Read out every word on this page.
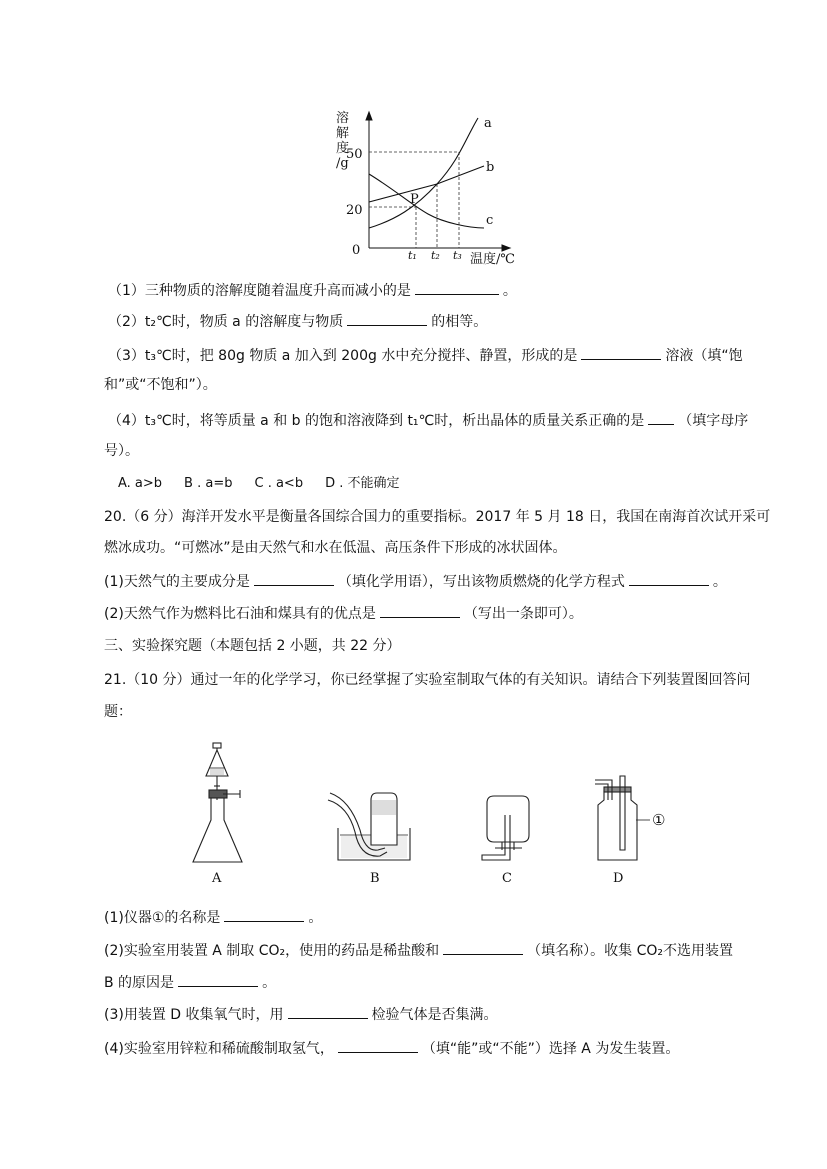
溶
解
度
/g
50
20
0	t₁ t₂ t₃ 温度/℃
a
b
c
P
（1）三种物质的溶解度随着温度升高而减小的是	。
（2）t₂℃时，物质 a 的溶解度与物质	的相等。
（3）t₃℃时，把 80g 物质 a 加入到 200g 水中充分搅拌、静置，形成的是	溶液（填“饱
和”或“不饱和”）。
（4）t₃℃时，将等质量 a 和 b 的饱和溶液降到 t₁℃时，析出晶体的质量关系正确的是 （填字母序
号）。
A. a>b B . a=b C . a<b D . 不能确定
20.（6 分）海洋开发水平是衡量各国综合国力的重要指标。2017 年 5 月 18 日，我国在南海首次试开采可
燃冰成功。“可燃冰”是由天然气和水在低温、高压条件下形成的冰状固体。
(1)天然气的主要成分是	（填化学用语），写出该物质燃烧的化学方程式	。
(2)天然气作为燃料比石油和煤具有的优点是	（写出一条即可）。
三、实验探究题（本题包括 2 小题，共 22 分）
21.（10 分）通过一年的化学学习，你已经掌握了实验室制取气体的有关知识。请结合下列装置图回答问
题：
A	B	C	D
①
(1)仪器①的名称是	。
(2)实验室用装置 A 制取 CO₂，使用的药品是稀盐酸和	（填名称）。收集 CO₂不选用装置
B 的原因是	。
(3)用装置 D 收集氧气时，用	检验气体是否集满。
(4)实验室用锌粒和稀硫酸制取氢气，	（填“能”或“不能”）选择 A 为发生装置。
